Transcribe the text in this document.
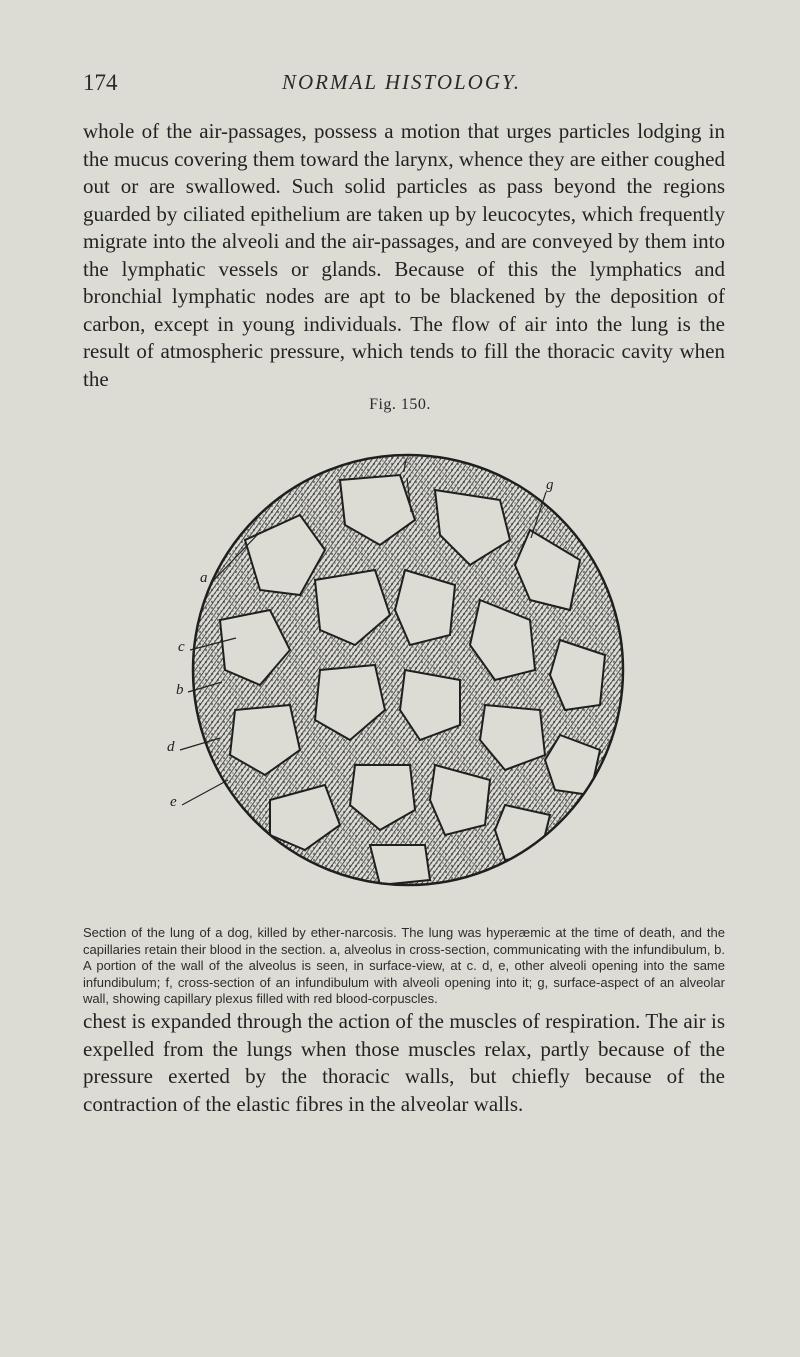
174	NORMAL HISTOLOGY.
whole of the air-passages, possess a motion that urges particles lodging in the mucus covering them toward the larynx, whence they are either coughed out or are swallowed. Such solid particles as pass beyond the regions guarded by ciliated epithelium are taken up by leucocytes, which frequently migrate into the alveoli and the air-passages, and are conveyed by them into the lymphatic vessels or glands. Because of this the lymphatics and bronchial lymphatic nodes are apt to be blackened by the deposition of carbon, except in young individuals. The flow of air into the lung is the result of atmospheric pressure, which tends to fill the thoracic cavity when the
Fig. 150.
a
c
b
d
e
f
g
Section of the lung of a dog, killed by ether-narcosis. The lung was hyperæmic at the time of death, and the capillaries retain their blood in the section. a, alveolus in cross-section, communicating with the infundibulum, b. A portion of the wall of the alveolus is seen, in surface-view, at c. d, e, other alveoli opening into the same infundibulum; f, cross-section of an infundibulum with alveoli opening into it; g, surface-aspect of an alveolar wall, showing capillary plexus filled with red blood-corpuscles.
chest is expanded through the action of the muscles of respiration. The air is expelled from the lungs when those muscles relax, partly because of the pressure exerted by the thoracic walls, but chiefly because of the contraction of the elastic fibres in the alveolar walls.
